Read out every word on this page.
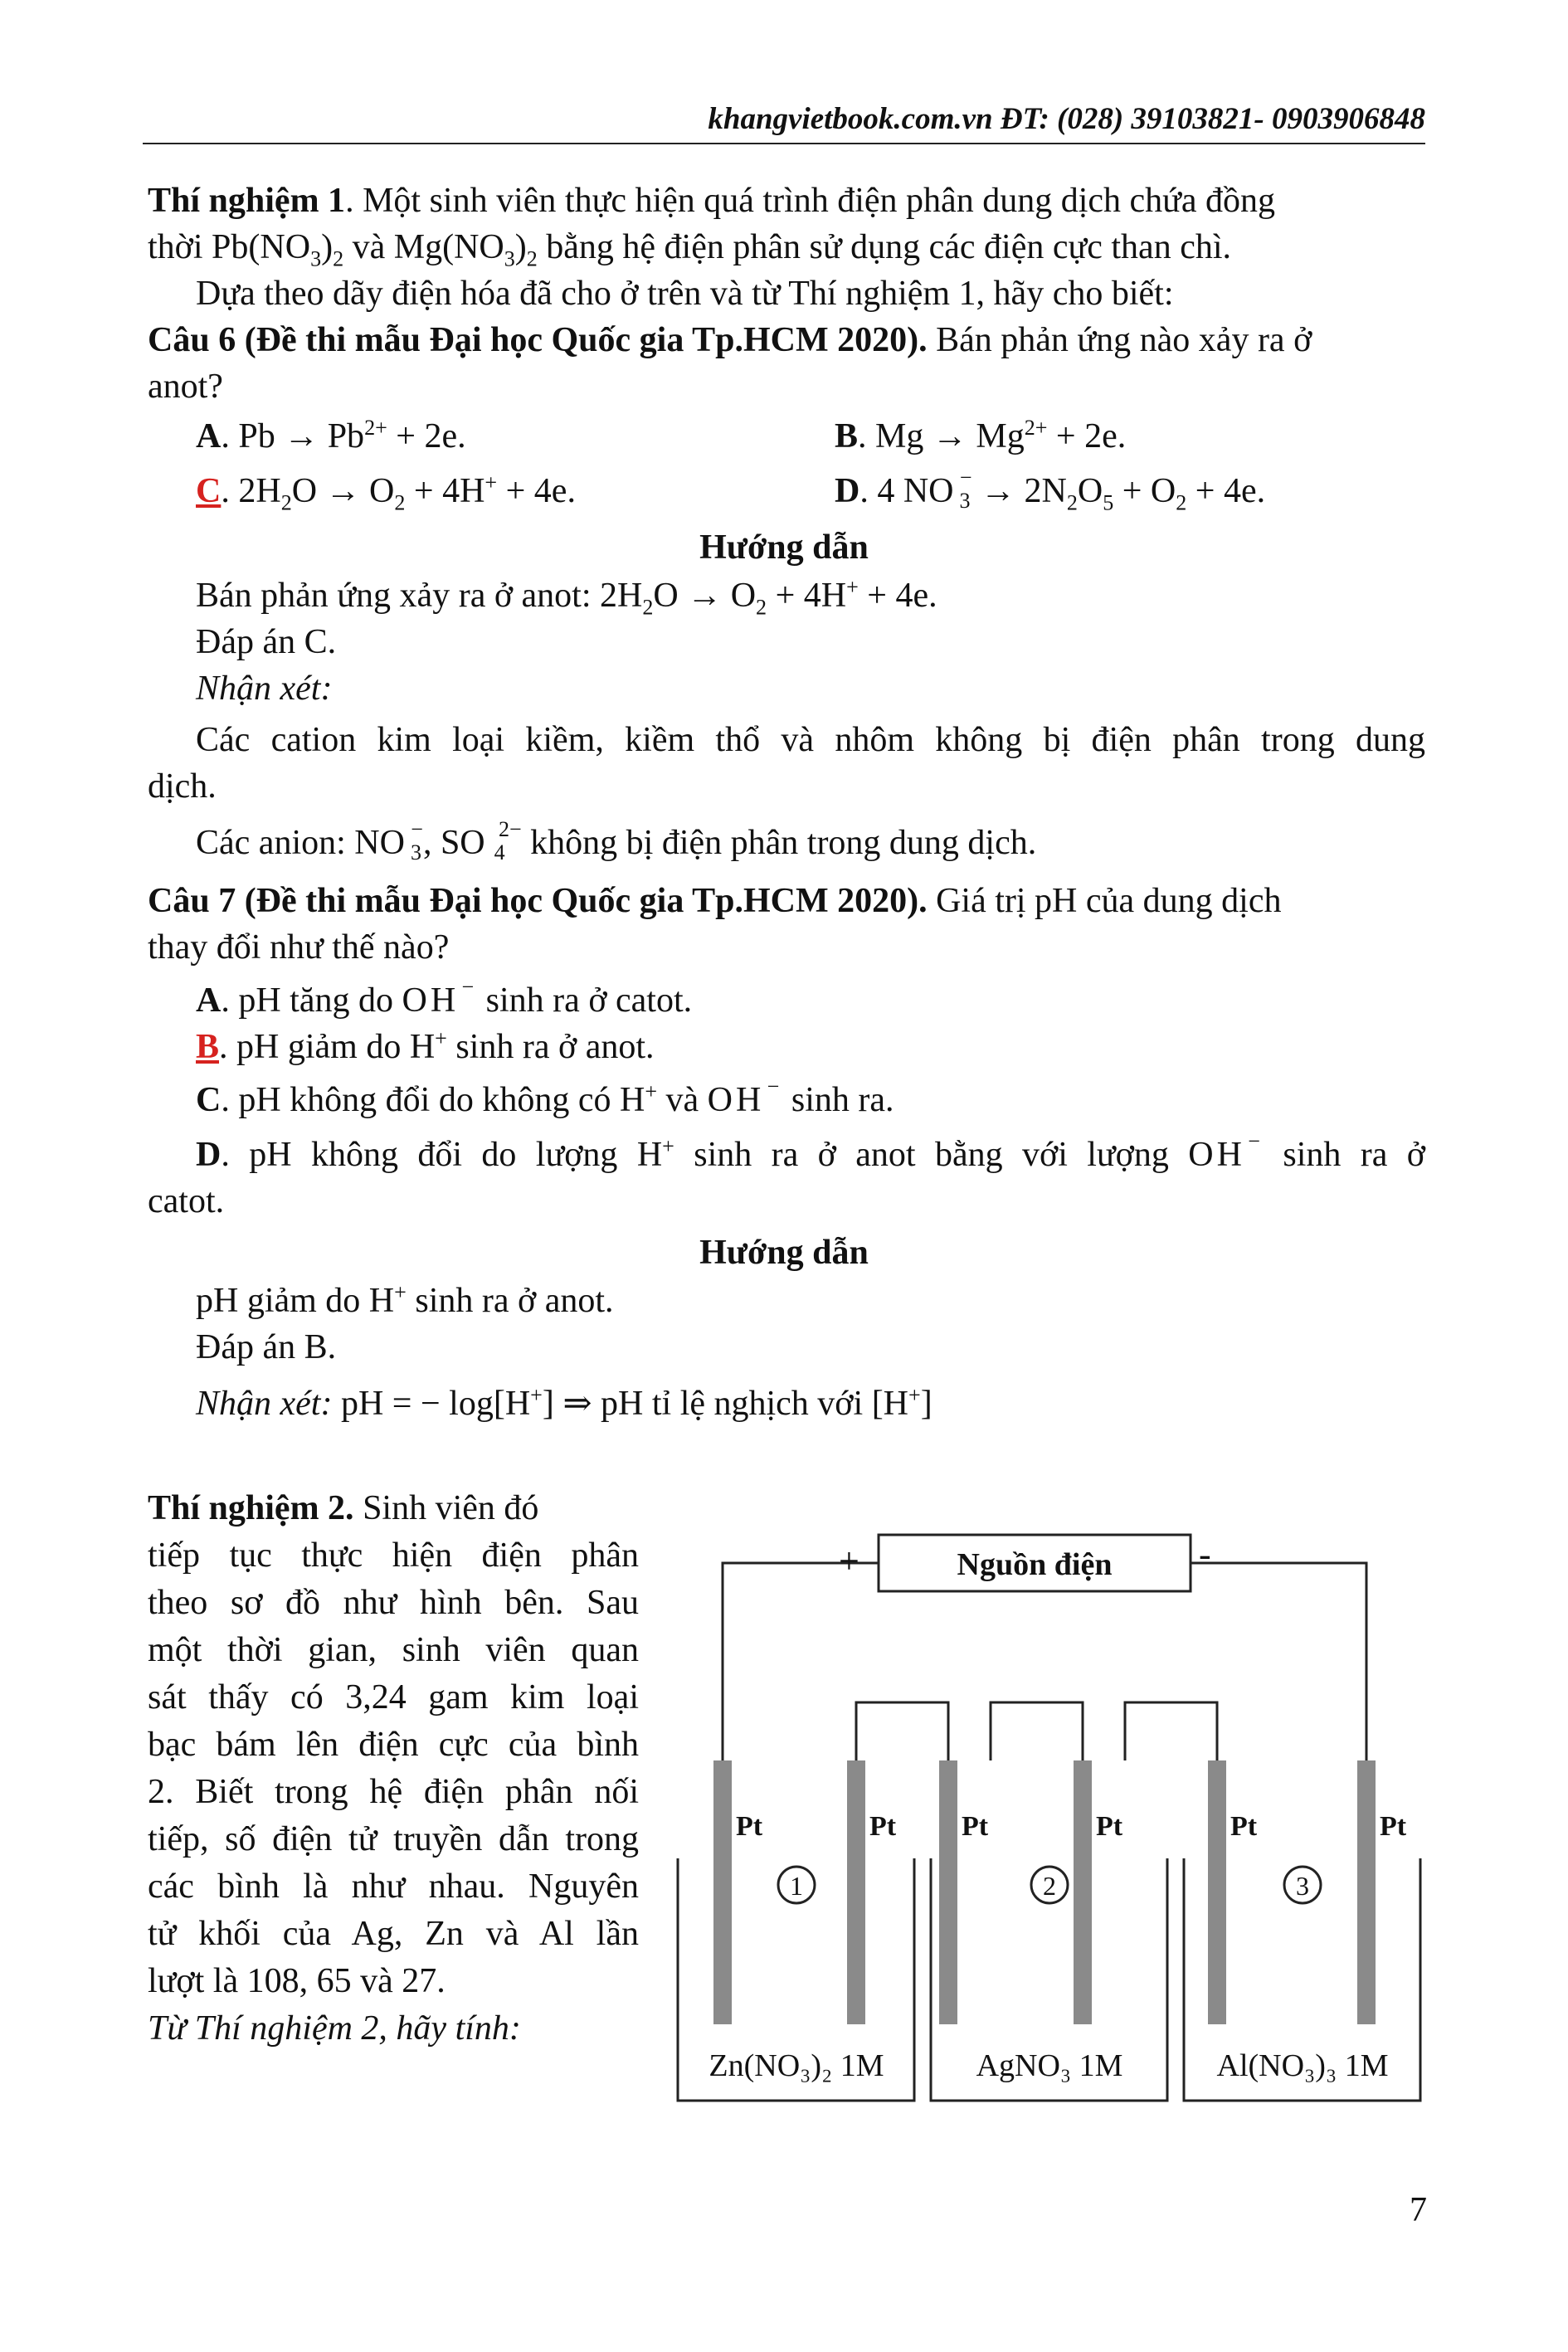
khangvietbook.com.vn ĐT: (028) 39103821- 0903906848
Thí nghiệm 1. Một sinh viên thực hiện quá trình điện phân dung dịch chứa đồng
thời $Pb(NO_3)_2$ và $Mg(NO_3)_2$ bằng hệ điện phân sử dụng các điện cực than chì.
Dựa theo dãy điện hóa đã cho ở trên và từ Thí nghiệm 1, hãy cho biết:
Câu 6 (Đề thi mẫu Đại học Quốc gia Tp.HCM 2020). Bán phản ứng nào xảy ra ở
anot?
A. $Pb \to Pb^{2+} + 2e$.	B. $Mg \to Mg^{2+} + 2e$.
C. $2H_2O \to O_2 + 4H^+ + 4e$.	D. 4 NO −
$3 \to 2N_2O_5 + O_2 + 4e$.
Hướng dẫn
Bán phản ứng xảy ra ở anot: $2H_2O \to O_2 + 4H^+ + 4e$.
Đáp án C.
Nhận xét:
Các cation kim loại kiềm, kiềm thổ và nhôm không bị điện phân trong dung
dịch.
Các anion: NO −
3 , SO 2−
4 không bị điện phân trong dung dịch.
Câu 7 (Đề thi mẫu Đại học Quốc gia Tp.HCM 2020). Giá trị pH của dung dịch
thay đổi như thế nào?
A. pH tăng do OH − sinh ra ở catot.
B. pH giảm do H+ sinh ra ở anot.
C. pH không đổi do không có H+ và OH − sinh ra.
D. pH không đổi do lượng H+ sinh ra ở anot bằng với lượng OH − sinh ra ở
catot.
Hướng dẫn
pH giảm do H+ sinh ra ở anot.
Đáp án B.
Nhận xét: pH = − log[H+] ⇒ pH tỉ lệ nghịch với [H+]
Thí nghiệm 2. Sinh viên đó
tiếp tục thực hiện điện phân
theo sơ đồ như hình bên. Sau
một thời gian, sinh viên quan
sát thấy có 3,24 gam kim loại
bạc bám lên điện cực của bình
2. Biết trong hệ điện phân nối
tiếp, số điện tử truyền dẫn trong
các bình là như nhau. Nguyên
tử khối của Ag, Zn và Al lần
lượt là 108, 65 và 27.
Từ Thí nghiệm 2, hãy tính:
Nguồn điện
+	-
Pt	Pt Pt	Pt	Pt	Pt
1	2	3
Zn(NO₃)₂ 1M	AgNO₃ 1M	Al(NO₃)₃ 1M
7
